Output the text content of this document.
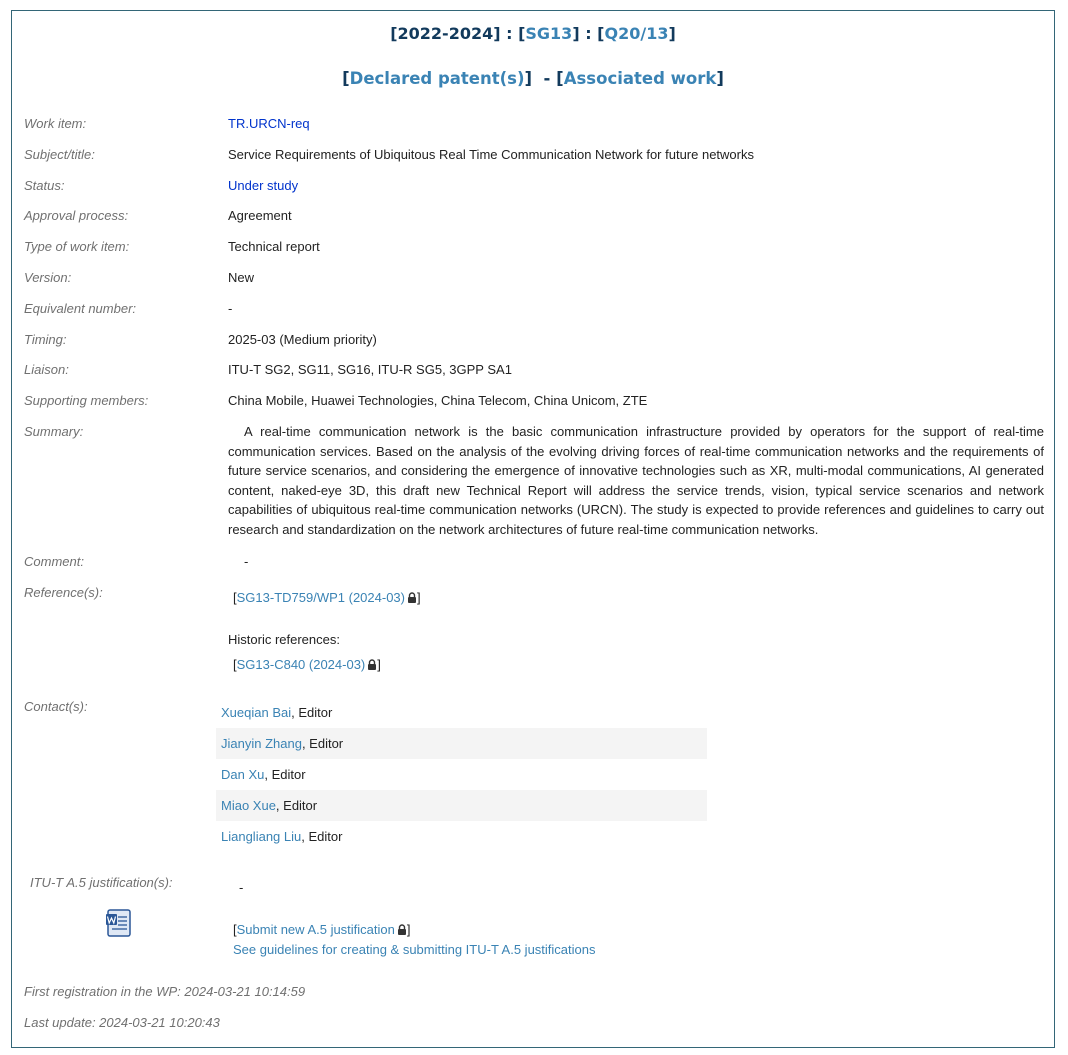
[2022-2024] : [SG13] : [Q20/13]
[Declared patent(s)]  - [Associated work]
Work item:	TR.URCN-req
Subject/title:	Service Requirements of Ubiquitous Real Time Communication Network for future networks
Status:	Under study
Approval process:	Agreement
Type of work item:	Technical report
Version:	New
Equivalent number:	-
Timing:	2025-03 (Medium priority)
Liaison:	ITU-T SG2, SG11, SG16, ITU-R SG5, 3GPP SA1
Supporting members:	China Mobile, Huawei Technologies, China Telecom, China Unicom, ZTE
Summary:	A real-time communication network is the basic communication infrastructure provided by operators for the support of real-time communication services. Based on the analysis of the evolving driving forces of real-time communication networks and the requirements of future service scenarios, and considering the emergence of innovative technologies such as XR, multi-modal communications, AI generated content, naked-eye 3D, this draft new Technical Report will address the service trends, vision, typical service scenarios and network capabilities of ubiquitous real-time communication networks (URCN). The study is expected to provide references and guidelines to carry out research and standardization on the network architectures of future real-time communication networks.
Comment:	-
Reference(s):	[SG13-TD759/WP1 (2024-03) ]
Historic references:
[SG13-C840 (2024-03) ]
Contact(s):	Xueqian Bai, Editor
Jianyin Zhang, Editor
Dan Xu, Editor
Miao Xue, Editor
Liangliang Liu, Editor
ITU-T A.5 justification(s):	-
[Submit new A.5 justification ]
See guidelines for creating & submitting ITU-T A.5 justifications
First registration in the WP: 2024-03-21 10:14:59
Last update: 2024-03-21 10:20:43
